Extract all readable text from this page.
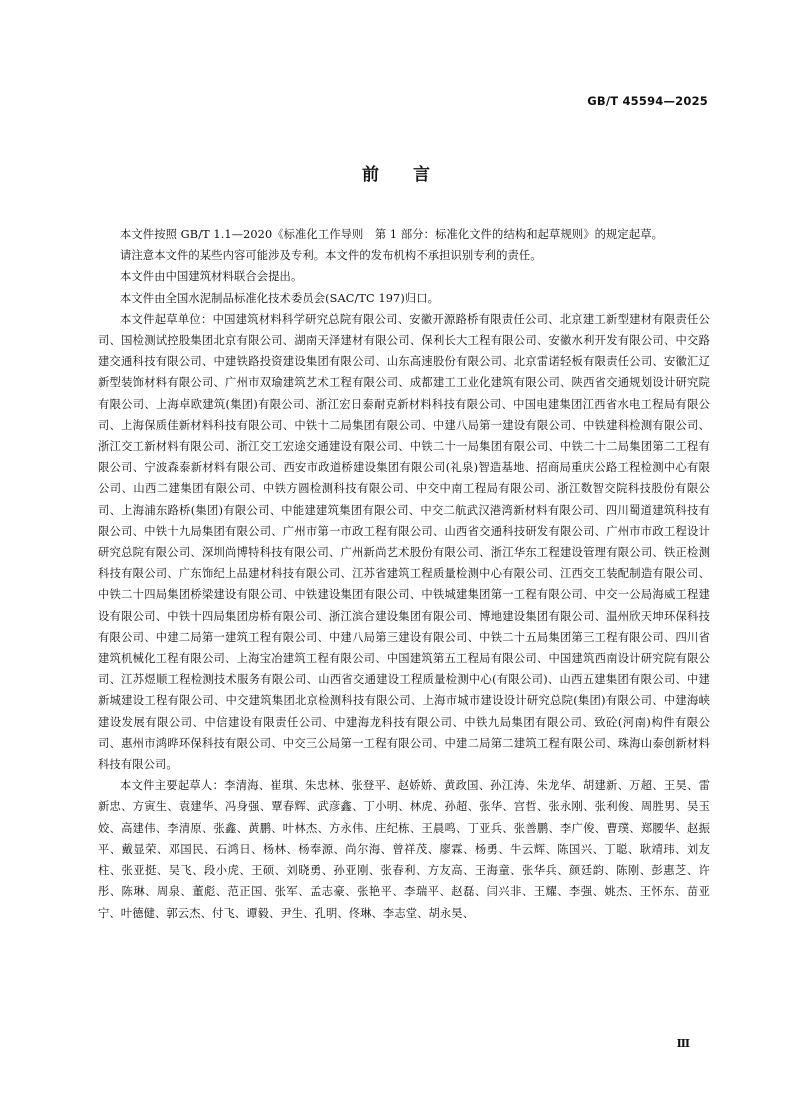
GB/T 45594—2025
前言

本文件按照 GB/T 1.1—2020《标准化工作导则　第 1 部分：标准化文件的结构和起草规则》的规定起草。

请注意本文件的某些内容可能涉及专利。本文件的发布机构不承担识别专利的责任。

本文件由中国建筑材料联合会提出。

本文件由全国水泥制品标准化技术委员会(SAC/TC 197)归口。

本文件起草单位：中国建筑材料科学研究总院有限公司、安徽开源路桥有限责任公司、北京建工新型建材有限责任公司、国检测试控股集团北京有限公司、湖南天泽建材有限公司、保利长大工程有限公司、安徽水利开发有限公司、中交路建交通科技有限公司、中建铁路投资建设集团有限公司、山东高速股份有限公司、北京雷诺轻板有限责任公司、安徽汇辽新型装饰材料有限公司、广州市双瑜建筑艺术工程有限公司、成都建工工业化建筑有限公司、陕西省交通规划设计研究院有限公司、上海卓欧建筑(集团)有限公司、浙江宏日泰耐克新材料科技有限公司、中国电建集团江西省水电工程局有限公司、上海保质佳新材料科技有限公司、中铁十二局集团有限公司、中建八局第一建设有限公司、中铁建科检测有限公司、浙江交工新材料有限公司、浙江交工宏途交通建设有限公司、中铁二十一局集团有限公司、中铁二十二局集团第二工程有限公司、宁波森泰新材料有限公司、西安市政道桥建设集团有限公司(礼泉)智造基地、招商局重庆公路工程检测中心有限公司、山西二建集团有限公司、中铁方圆检测科技有限公司、中交中南工程局有限公司、浙江数智交院科技股份有限公司、上海浦东路桥(集团)有限公司、中能建建筑集团有限公司、中交二航武汉港湾新材料有限公司、四川蜀道建筑科技有限公司、中铁十九局集团有限公司、广州市第一市政工程有限公司、山西省交通科技研发有限公司、广州市市政工程设计研究总院有限公司、深圳尚博特科技有限公司、广州新尚艺术股份有限公司、浙江华东工程建设管理有限公司、铁正检测科技有限公司、广东饰纪上品建材科技有限公司、江苏省建筑工程质量检测中心有限公司、江西交工装配制造有限公司、中铁二十四局集团桥梁建设有限公司、中铁建设集团有限公司、中铁城建集团第一工程有限公司、中交一公局海威工程建设有限公司、中铁十四局集团房桥有限公司、浙江滨合建设集团有限公司、博地建设集团有限公司、温州欣天坤环保科技有限公司、中建二局第一建筑工程有限公司、中建八局第三建设有限公司、中铁二十五局集团第三工程有限公司、四川省建筑机械化工程有限公司、上海宝冶建筑工程有限公司、中国建筑第五工程局有限公司、中国建筑西南设计研究院有限公司、江苏煜顺工程检测技术服务有限公司、山西省交通建设工程质量检测中心(有限公司)、山西五建集团有限公司、中建新城建设工程有限公司、中交建筑集团北京检测科技有限公司、上海市城市建设设计研究总院(集团)有限公司、中建海峡建设发展有限公司、中信建设有限责任公司、中建海龙科技有限公司、中铁九局集团有限公司、致砼(河南)构件有限公司、惠州市鸿晔环保科技有限公司、中交三公局第一工程有限公司、中建二局第二建筑工程有限公司、珠海山泰创新材料科技有限公司。

本文件主要起草人：李清海、崔琪、朱忠林、张登平、赵娇娇、黄政国、孙江涛、朱龙华、胡建新、万超、王昊、雷新忠、方寅生、袁建华、冯身强、覃春辉、武彦鑫、丁小明、林虎、孙超、张华、宫哲、张永刚、张利俊、周胜男、吴玉姣、高建伟、李清原、张鑫、黄鹏、叶林杰、方永伟、庄纪栋、王晨鸣、丁亚兵、张善鹏、李广俊、曹璞、郑腰华、赵振平、戴显荣、邓国民、石鸿日、杨林、杨奉源、尚尔海、曾祥茂、廖霖、杨勇、牛云辉、陈国兴、丁聪、耿靖玮、刘友柱、张亚挺、吴飞、段小虎、王硕、刘晓勇、孙亚刚、张春利、方友高、王海童、张华兵、颜廷韵、陈刚、彭惠芝、许彤、陈琳、周泉、董彪、范正国、张军、孟志豪、张艳平、李瑞平、赵磊、闫兴非、王耀、李强、姚杰、王怀东、苗亚宁、叶德健、郭云杰、付飞、谭毅、尹生、孔明、佟琳、李志堂、胡永昊、

Ⅲ
